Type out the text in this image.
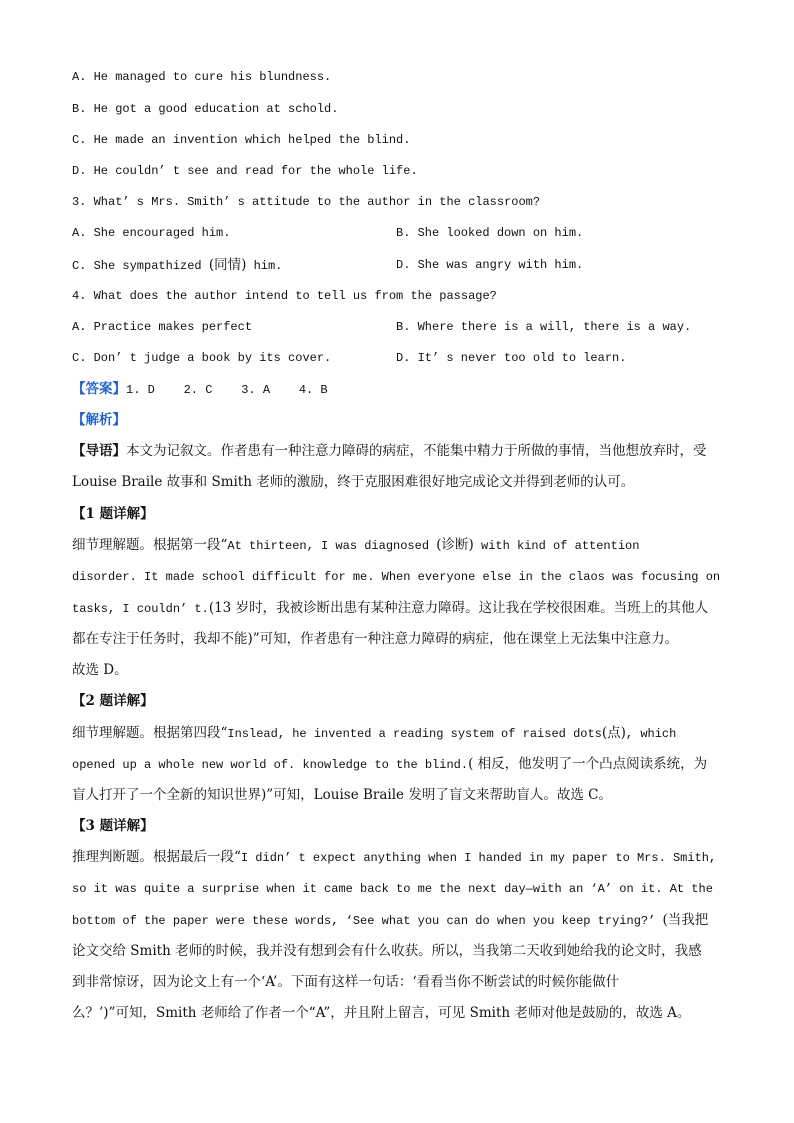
A. He managed to cure his blundness.
B. He got a good education at schold.
C. He made an invention which helped the blind.
D. He couldn’ t see and read for the whole life.
3. What’ s Mrs. Smith’ s attitude to the author in the classroom?
A. She encouraged him.	B. She looked down on him.
C. She sympathized (同情) him.	D. She was angry with him.
4. What does the author intend to tell us from the passage?
A. Practice makes perfect	B. Where there is a will, there is a way.
C. Don’ t judge a book by its cover.	D. It’ s never too old to learn.
【答案】1. D    2. C    3. A    4. B
【解析】
【导语】本文为记叙文。作者患有一种注意力障碍的病症，不能集中精力于所做的事情，当他想放弃时，受 Louise Braile 故事和 Smith 老师的激励，终于克服困难很好地完成论文并得到老师的认可。
【1 题详解】
细节理解题。根据第一段“At thirteen, I was diagnosed (诊断) with kind of attention
disorder. It made school difficult for me. When everyone else in the claos was focusing on
tasks, I couldn’ t.(13 岁时，我被诊断出患有某种注意力障碍。这让我在学校很困难。当班上的其他人
都在专注于任务时，我却不能)”可知，作者患有一种注意力障碍的病症，他在课堂上无法集中注意力。
故选 D。
【2 题详解】
细节理解题。根据第四段“Inslead, he invented a reading system of raised dots(点), which
opened up a whole new world of. knowledge to the blind.( 相反，他发明了一个凸点阅读系统，为
盲人打开了一个全新的知识世界)”可知，Louise Braile 发明了盲文来帮助盲人。故选 C。
【3 题详解】
推理判断题。根据最后一段“I didn’ t expect anything when I handed in my paper to Mrs. Smith,
so it was quite a surprise when it came back to me the next day—with an ‘A’ on it. At the
bottom of the paper were these words, ‘See what you can do when you keep trying?’ (当我把
论文交给 Smith 老师的时候，我并没有想到会有什么收获。所以，当我第二天收到她给我的论文时，我感
到非常惊讶，因为论文上有一个‘A’。下面有这样一句话：‘看看当你不断尝试的时候你能做什
么？’)”可知，Smith 老师给了作者一个“A”，并且附上留言，可见 Smith 老师对他是鼓励的，故选 A。
